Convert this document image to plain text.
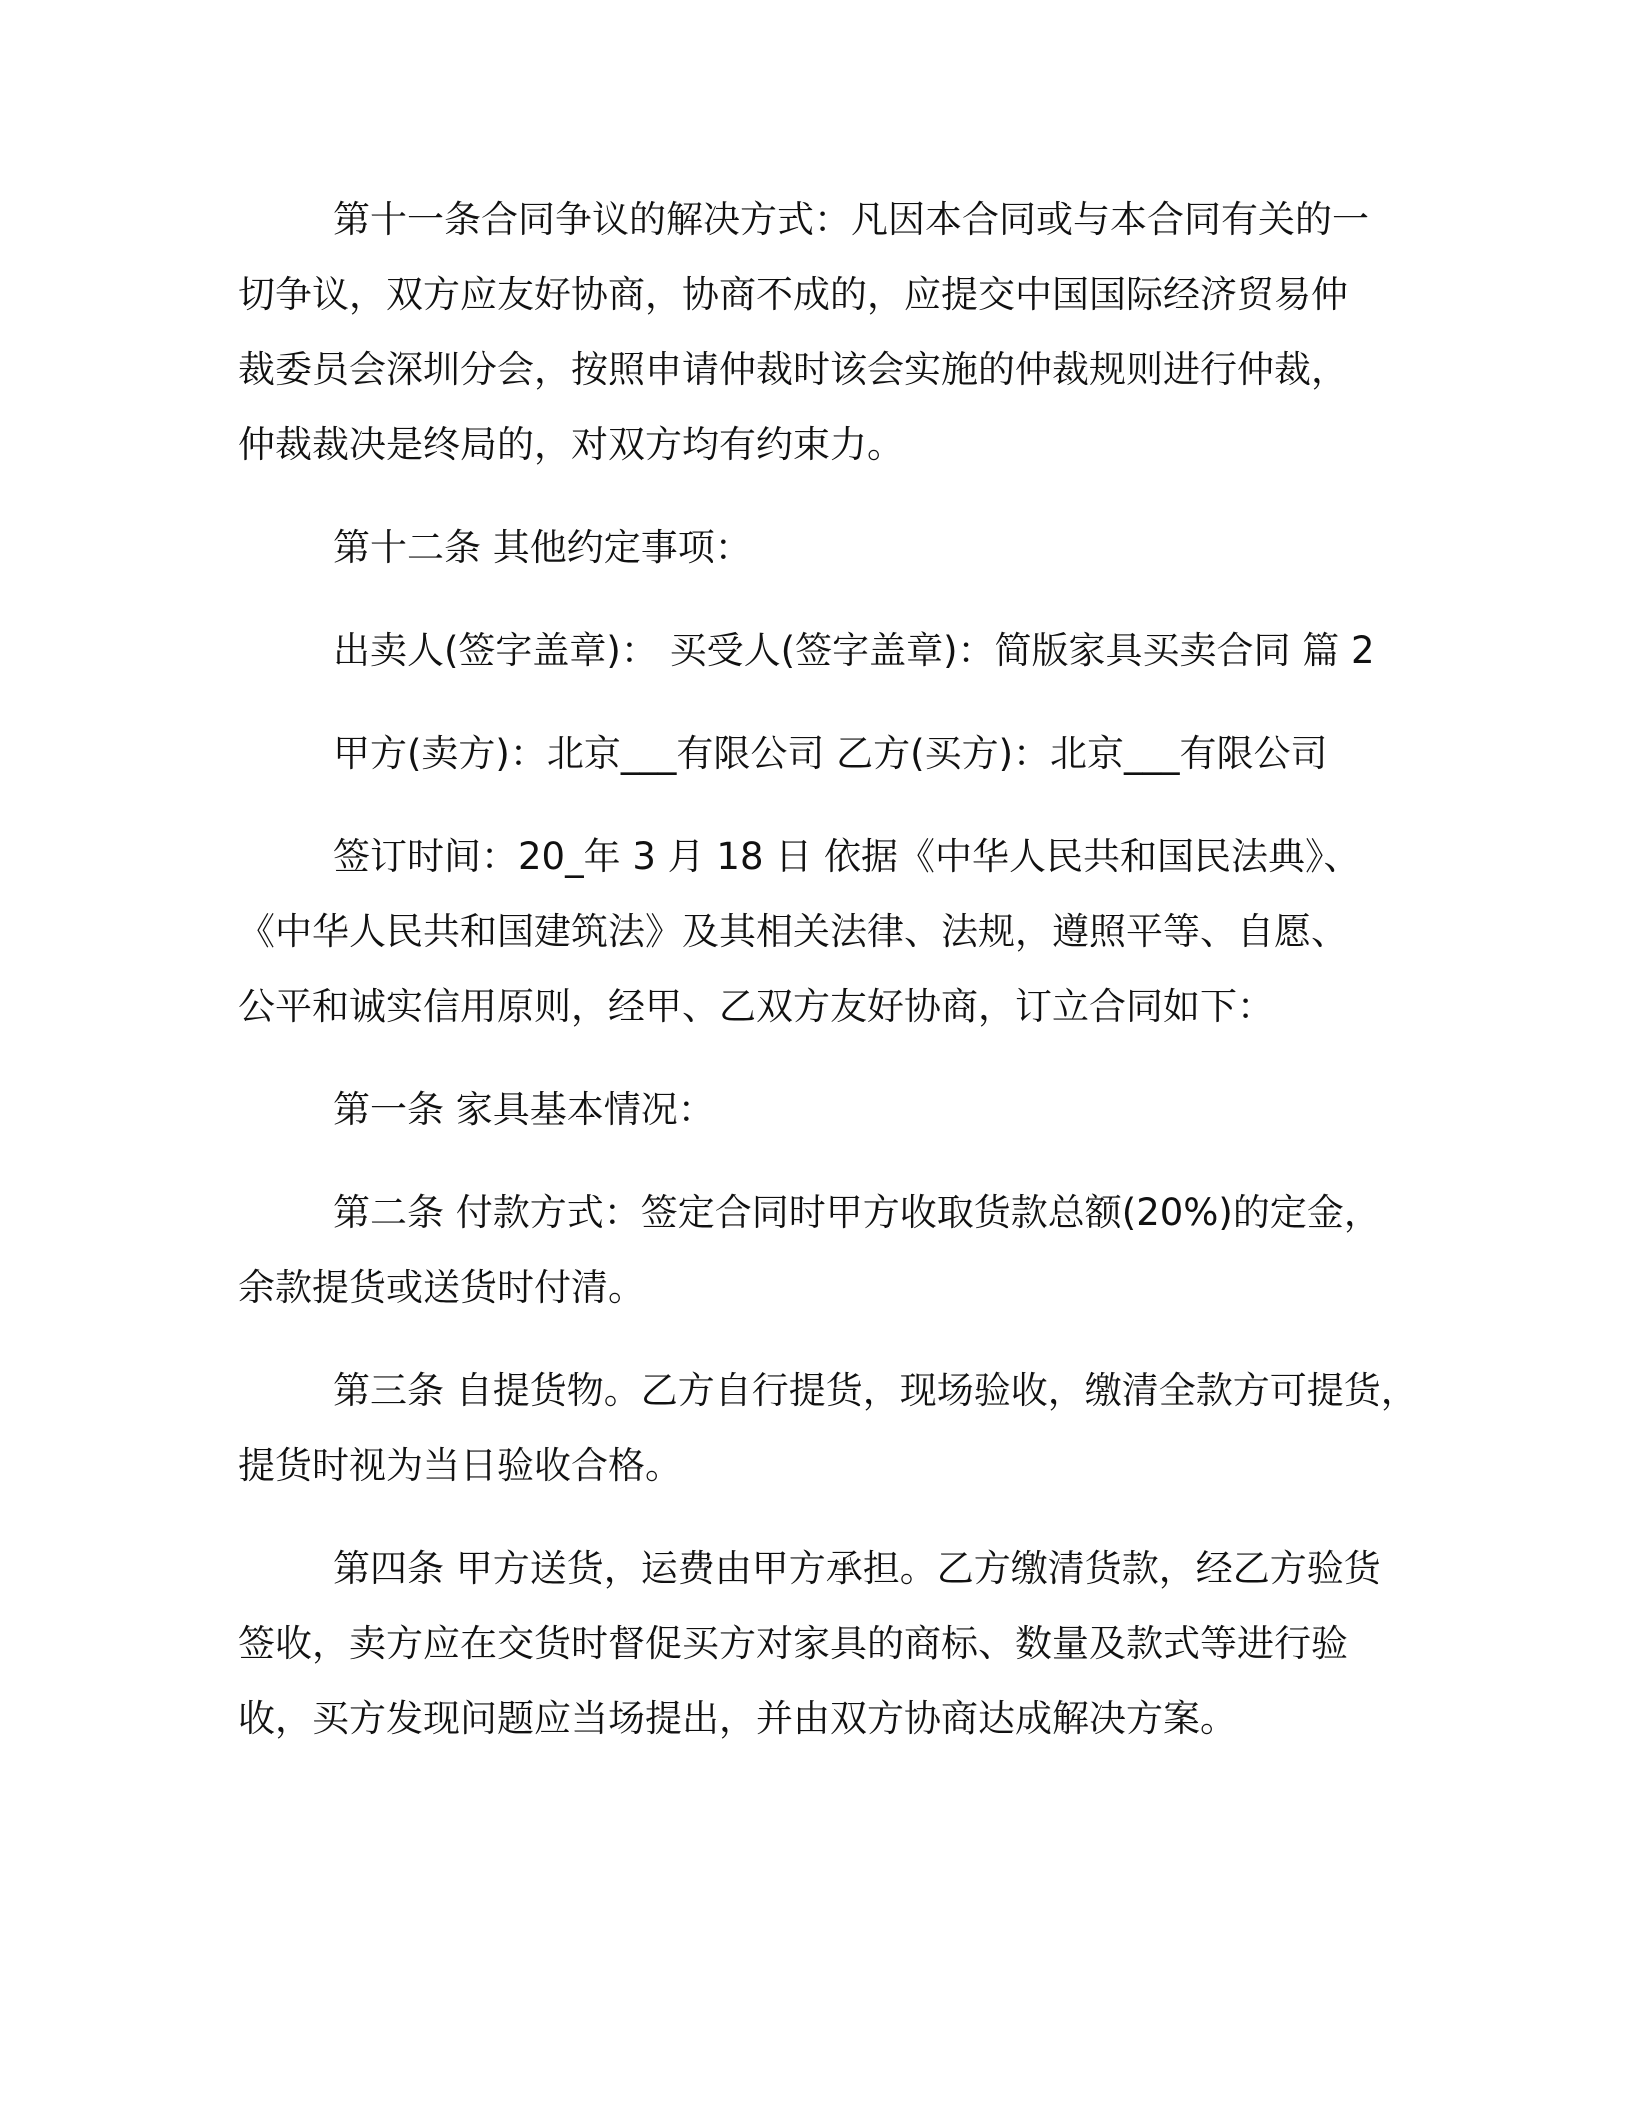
第十一条合同争议的解决方式：凡因本合同或与本合同有关的一
切争议，双方应友好协商，协商不成的，应提交中国国际经济贸易仲
裁委员会深圳分会，按照申请仲裁时该会实施的仲裁规则进行仲裁，
仲裁裁决是终局的，对双方均有约束力。
第十二条 其他约定事项：
出卖人(签字盖章)： 买受人(签字盖章)：简版家具买卖合同 篇 2
甲方(卖方)：北京___有限公司 乙方(买方)：北京___有限公司
签订时间：20_年 3 月 18 日 依据《中华人民共和国民法典》、
《中华人民共和国建筑法》及其相关法律、法规，遵照平等、自愿、
公平和诚实信用原则，经甲、乙双方友好协商，订立合同如下：
第一条 家具基本情况：
第二条 付款方式：签定合同时甲方收取货款总额(20%)的定金，
余款提货或送货时付清。
第三条 自提货物。乙方自行提货，现场验收，缴清全款方可提货，
提货时视为当日验收合格。
第四条 甲方送货，运费由甲方承担。乙方缴清货款，经乙方验货
签收，卖方应在交货时督促买方对家具的商标、数量及款式等进行验
收，买方发现问题应当场提出，并由双方协商达成解决方案。
